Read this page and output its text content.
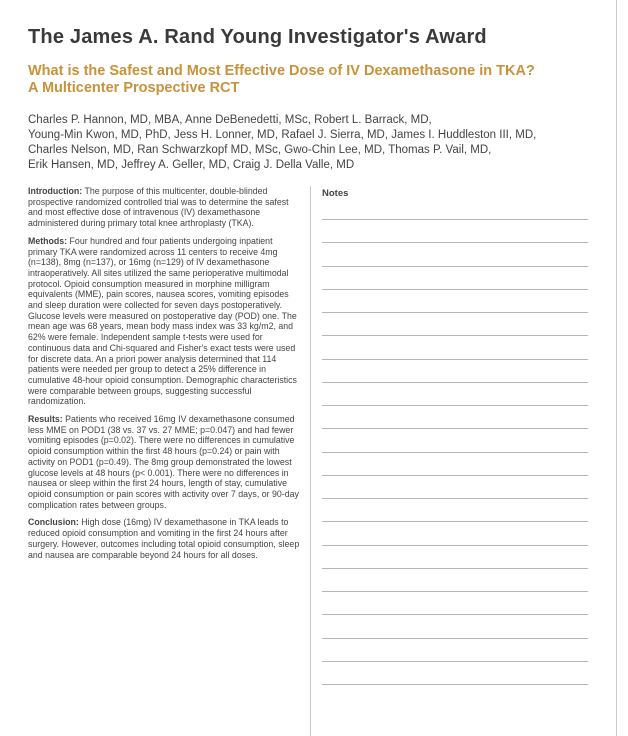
The James A. Rand Young Investigator's Award
What is the Safest and Most Effective Dose of IV Dexamethasone in TKA?
A Multicenter Prospective RCT
Charles P. Hannon, MD, MBA, Anne DeBenedetti, MSc, Robert L. Barrack, MD,
Young-Min Kwon, MD, PhD, Jess H. Lonner, MD, Rafael J. Sierra, MD, James I. Huddleston III, MD,
Charles Nelson, MD, Ran Schwarzkopf MD, MSc, Gwo-Chin Lee, MD, Thomas P. Vail, MD,
Erik Hansen, MD, Jeffrey A. Geller, MD, Craig J. Della Valle, MD

Introduction: The purpose of this multicenter, double-blinded prospective randomized controlled trial was to determine the safest and most effective dose of intravenous (IV) dexamethasone administered during primary total knee arthroplasty (TKA).

Methods: Four hundred and four patients undergoing inpatient primary TKA were randomized across 11 centers to receive 4mg (n=138), 8mg (n=137), or 16mg (n=129) of IV dexamethasone intraoperatively. All sites utilized the same perioperative multimodal protocol. Opioid consumption measured in morphine milligram equivalents (MME), pain scores, nausea scores, vomiting episodes and sleep duration were collected for seven days postoperatively. Glucose levels were measured on postoperative day (POD) one. The mean age was 68 years, mean body mass index was 33 kg/m2, and 62% were female. Independent sample t-tests were used for continuous data and Chi-squared and Fisher's exact tests were used for discrete data. An a priori power analysis determined that 114 patients were needed per group to detect a 25% difference in cumulative 48-hour opioid consumption. Demographic characteristics were comparable between groups, suggesting successful randomization.

Results: Patients who received 16mg IV dexamethasone consumed less MME on POD1 (38 vs. 37 vs. 27 MME; p=0.047) and had fewer vomiting episodes (p=0.02). There were no differences in cumulative opioid consumption within the first 48 hours (p=0.24) or pain with activity on POD1 (p=0.49). The 8mg group demonstrated the lowest glucose levels at 48 hours (p< 0.001). There were no differences in nausea or sleep within the first 24 hours, length of stay, cumulative opioid consumption or pain scores with activity over 7 days, or 90-day complication rates between groups.

Conclusion: High dose (16mg) IV dexamethasone in TKA leads to reduced opioid consumption and vomiting in the first 24 hours after surgery. However, outcomes including total opioid consumption, sleep and nausea are comparable beyond 24 hours for all doses.

Notes
